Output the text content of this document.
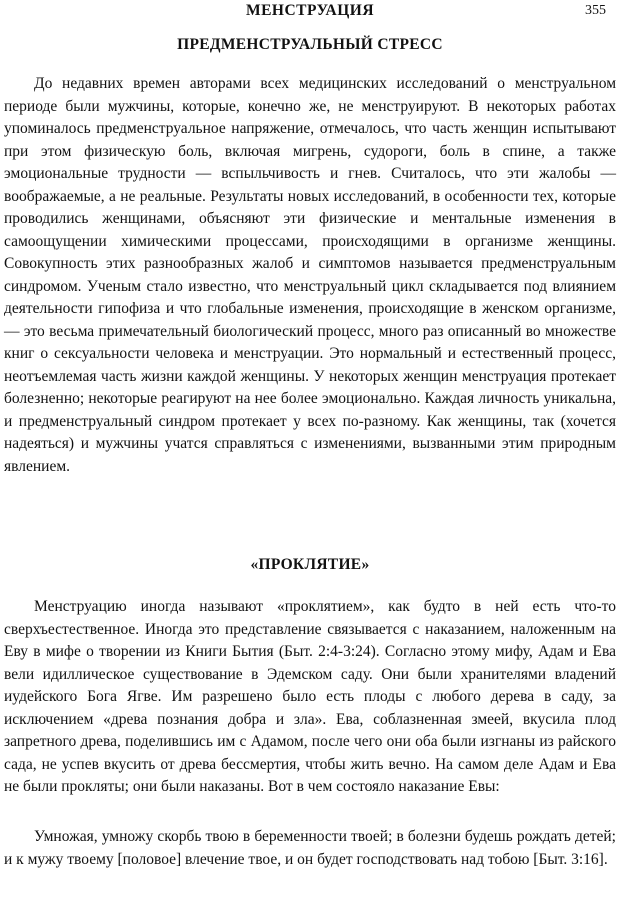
МЕНСТРУАЦИЯ	355
ПРЕДМЕНСТРУАЛЬНЫЙ СТРЕСС

До недавних времен авторами всех медицинских исследований о менструальном периоде были мужчины, которые, конечно же, не менструируют. В некоторых работах упоминалось предменструальное напряжение, отмечалось, что часть женщин испытывают при этом физическую боль, включая мигрень, судороги, боль в спине, а также эмоциональные трудности — вспыльчивость и гнев. Считалось, что эти жалобы — воображаемые, а не реальные. Результаты новых исследований, в особенности тех, которые проводились женщинами, объясняют эти физические и ментальные изменения в самоощущении химическими процессами, происходящими в организме женщины. Совокупность этих разнообразных жалоб и симптомов называется предменструальным синдромом. Ученым стало известно, что менструальный цикл складывается под влиянием деятельности гипофиза и что глобальные изменения, происходящие в женском организме, — это весьма примечательный биологический процесс, много раз описанный во множестве книг о сексуальности человека и менструации. Это нормальный и естественный процесс, неотъемлемая часть жизни каждой женщины. У некоторых женщин менструация протекает болезненно; некоторые реагируют на нее более эмоционально. Каждая личность уникальна, и предменструальный синдром протекает у всех по-разному. Как женщины, так (хочется надеяться) и мужчины учатся справляться с изменениями, вызванными этим природным явлением.

«ПРОКЛЯТИЕ»

Менструацию иногда называют «проклятием», как будто в ней есть что-то сверхъестественное. Иногда это представление связывается с наказанием, наложенным на Еву в мифе о творении из Книги Бытия (Быт. 2:4-3:24). Согласно этому мифу, Адам и Ева вели идиллическое существование в Эдемском саду. Они были хранителями владений иудейского Бога Ягве. Им разрешено было есть плоды с любого дерева в саду, за исключением «древа познания добра и зла». Ева, соблазненная змеей, вкусила плод запретного древа, поделившись им с Адамом, после чего они оба были изгнаны из райского сада, не успев вкусить от древа бессмертия, чтобы жить вечно. На самом деле Адам и Ева не были прокляты; они были наказаны. Вот в чем состояло наказание Евы:

Умножая, умножу скорбь твою в беременности твоей; в болезни будешь рождать детей; и к мужу твоему [половое] влечение твое, и он будет господствовать над тобою [Быт. 3:16].
